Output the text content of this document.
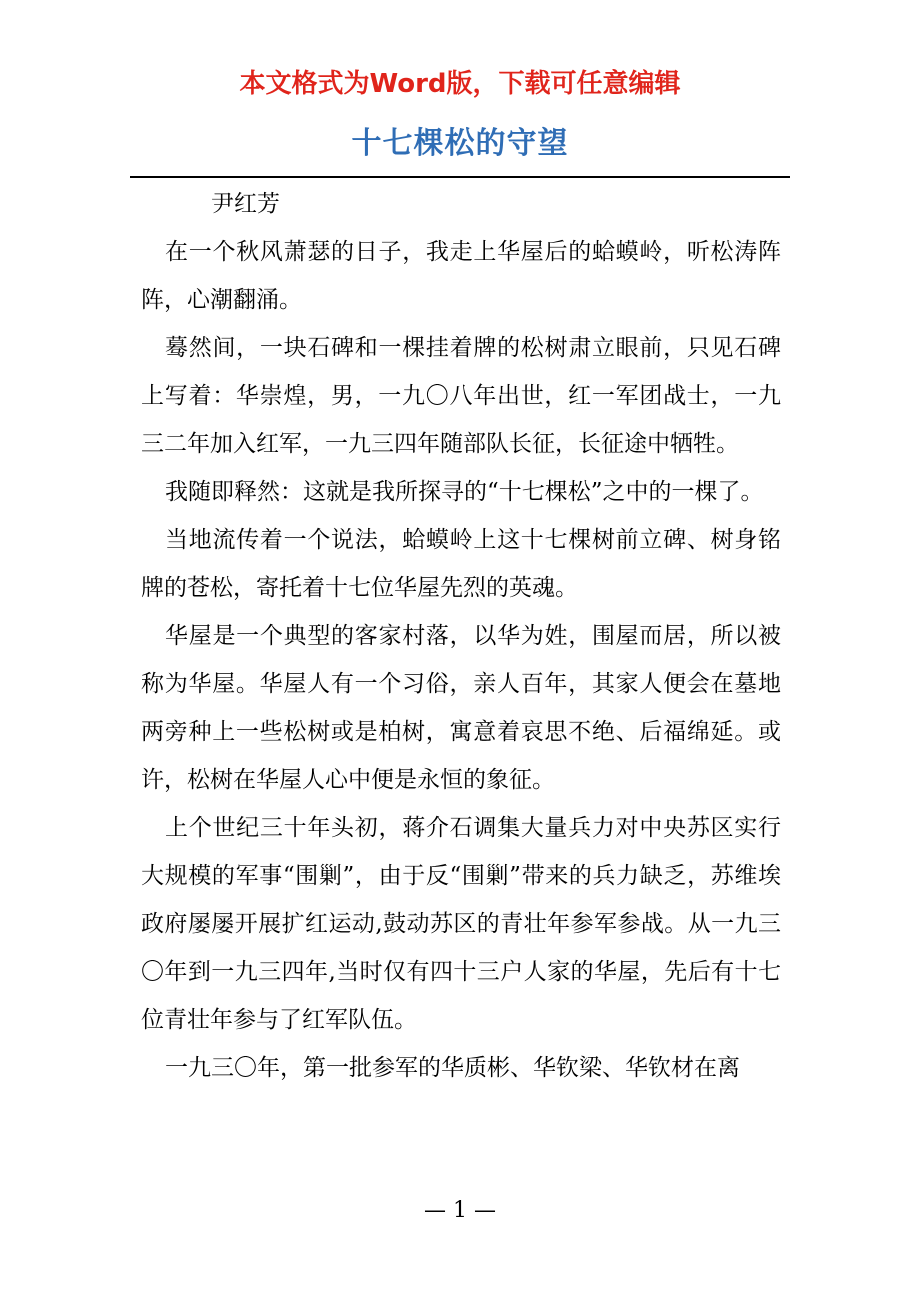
本文格式为Word版，下载可任意编辑
十七棵松的守望

尹红芳

在一个秋风萧瑟的日子，我走上华屋后的蛤蟆岭，听松涛阵阵，心潮翻涌。

蓦然间，一块石碑和一棵挂着牌的松树肃立眼前，只见石碑上写着：华崇煌，男，一九〇八年出世，红一军团战士，一九三二年加入红军，一九三四年随部队长征，长征途中牺牲。

我随即释然：这就是我所探寻的“十七棵松”之中的一棵了。

当地流传着一个说法，蛤蟆岭上这十七棵树前立碑、树身铭牌的苍松，寄托着十七位华屋先烈的英魂。

华屋是一个典型的客家村落，以华为姓，围屋而居，所以被称为华屋。华屋人有一个习俗，亲人百年，其家人便会在墓地两旁种上一些松树或是柏树，寓意着哀思不绝、后福绵延。或许，松树在华屋人心中便是永恒的象征。

上个世纪三十年头初，蒋介石调集大量兵力对中央苏区实行大规模的军事“围剿”，由于反“围剿”带来的兵力缺乏，苏维埃政府屡屡开展扩红运动,鼓动苏区的青壮年参军参战。从一九三〇年到一九三四年,当时仅有四十三户人家的华屋，先后有十七位青壮年参与了红军队伍。

一九三〇年，第一批参军的华质彬、华钦梁、华钦材在离

— 1 —
